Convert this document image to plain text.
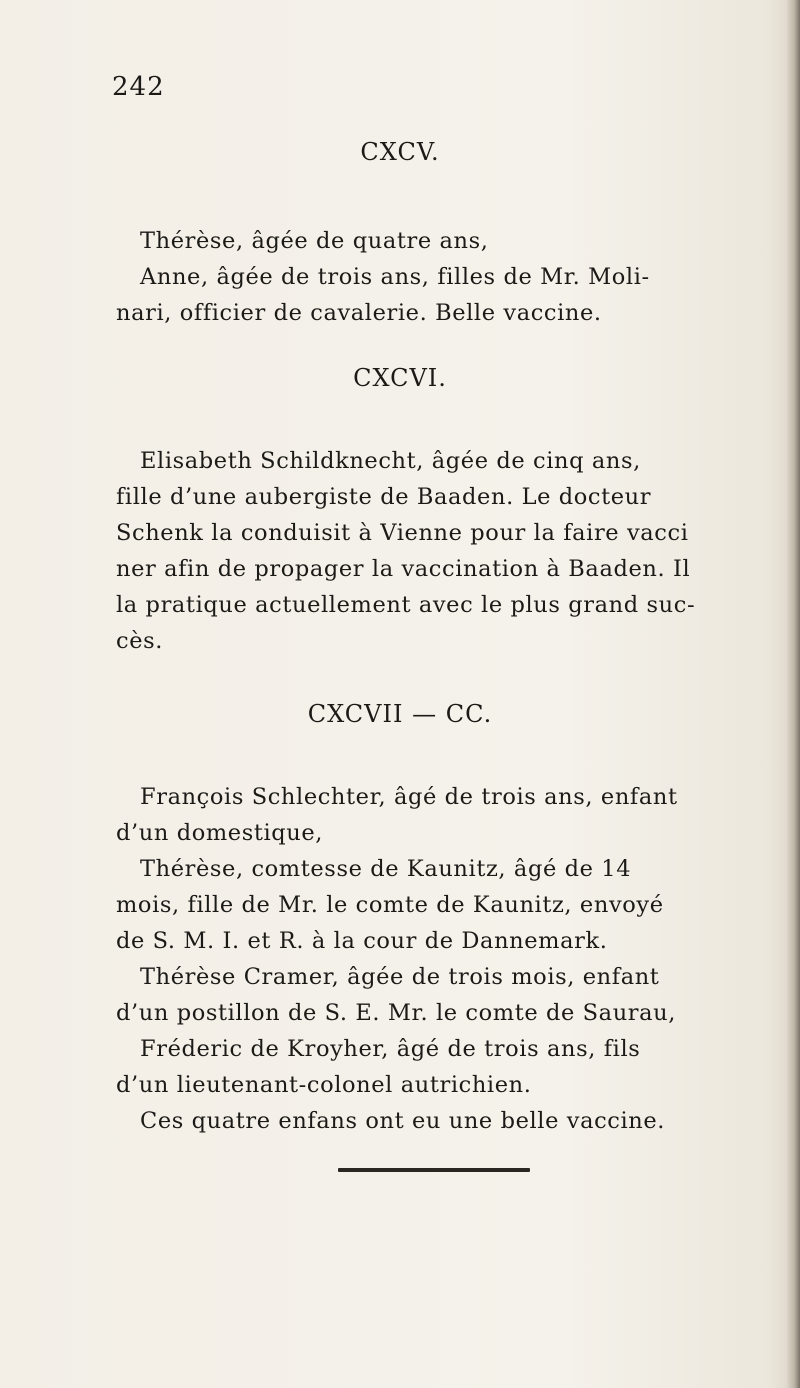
242
CXCV.
Thérèse, âgée de quatre ans,
Anne, âgée de trois ans, filles de Mr. Moli-
nari, officier de cavalerie. Belle vaccine.
CXCVI.
Elisabeth Schildknecht, âgée de cinq ans,
fille d’une aubergiste de Baaden. Le docteur
Schenk la conduisit à Vienne pour la faire vacci
ner afin de propager la vaccination à Baaden. Il
la pratique actuellement avec le plus grand suc-
cès.
CXCVII — CC.
François Schlechter, âgé de trois ans, enfant
d’un domestique,
Thérèse, comtesse de Kaunitz, âgé de 14
mois, fille de Mr. le comte de Kaunitz, envoyé
de S. M. I. et R. à la cour de Dannemark.
Thérèse Cramer, âgée de trois mois, enfant
d’un postillon de S. E. Mr. le comte de Saurau,
Fréderic de Kroyher, âgé de trois ans, fils
d’un lieutenant-colonel autrichien.
Ces quatre enfans ont eu une belle vaccine.
